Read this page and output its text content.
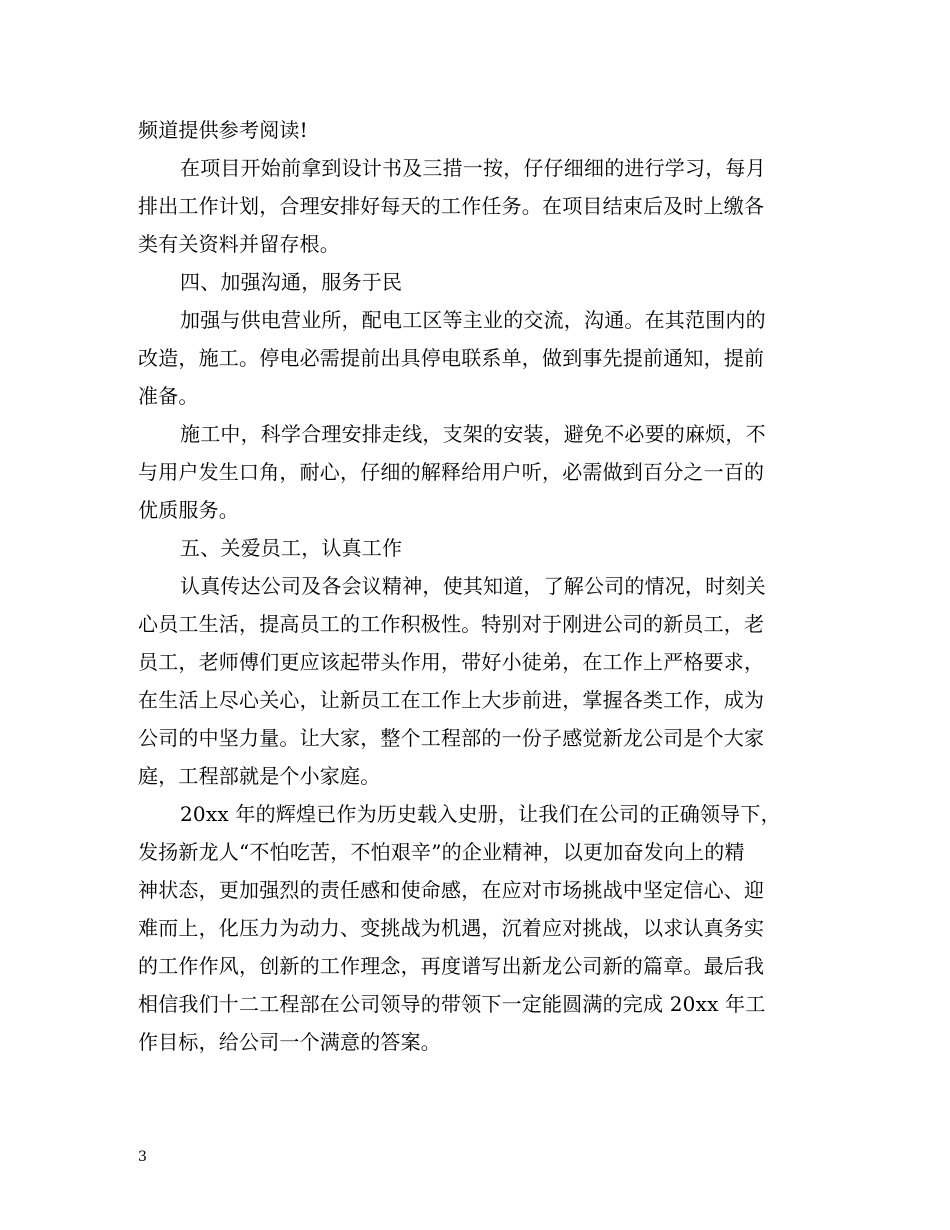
频道提供参考阅读!
在项目开始前拿到设计书及三措一按，仔仔细细的进行学习，每月
排出工作计划，合理安排好每天的工作任务。在项目结束后及时上缴各
类有关资料并留存根。
四、加强沟通，服务于民
加强与供电营业所，配电工区等主业的交流，沟通。在其范围内的
改造，施工。停电必需提前出具停电联系单，做到事先提前通知，提前
准备。
施工中，科学合理安排走线，支架的安装，避免不必要的麻烦，不
与用户发生口角，耐心，仔细的解释给用户听，必需做到百分之一百的
优质服务。
五、关爱员工，认真工作
认真传达公司及各会议精神，使其知道，了解公司的情况，时刻关
心员工生活，提高员工的工作积极性。特别对于刚进公司的新员工，老
员工，老师傅们更应该起带头作用，带好小徒弟，在工作上严格要求，
在生活上尽心关心，让新员工在工作上大步前进，掌握各类工作，成为
公司的中坚力量。让大家，整个工程部的一份子感觉新龙公司是个大家
庭，工程部就是个小家庭。
20xx 年的辉煌已作为历史载入史册，让我们在公司的正确领导下，
发扬新龙人“不怕吃苦，不怕艰辛”的企业精神，以更加奋发向上的精
神状态，更加强烈的责任感和使命感，在应对市场挑战中坚定信心、迎
难而上，化压力为动力、变挑战为机遇，沉着应对挑战，以求认真务实
的工作作风，创新的工作理念，再度谱写出新龙公司新的篇章。最后我
相信我们十二工程部在公司领导的带领下一定能圆满的完成 20xx 年工
作目标，给公司一个满意的答案。
3
